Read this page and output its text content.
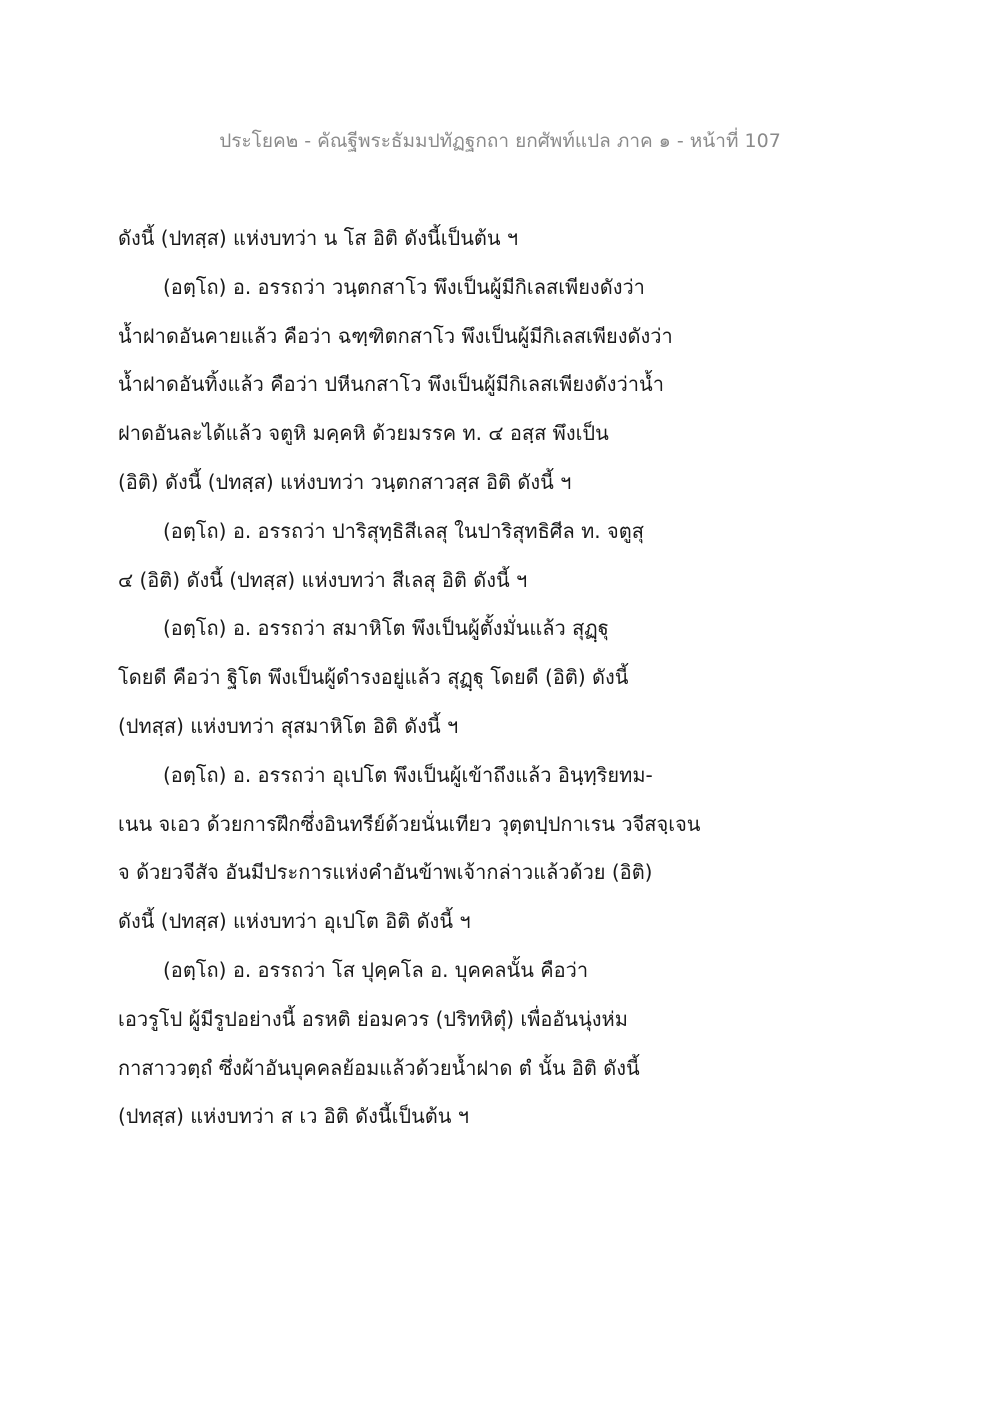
ประโยค๒ - คัณฐีพระธัมมปทัฏฐกถา ยกศัพท์แปล ภาค ๑ - หน้าที่ 107
ดังนี้ (ปทสฺส) แห่งบทว่า น โส อิติ ดังนี้เป็นต้น ฯ
(อตฺโถ) อ. อรรถว่า วนฺตกสาโว พึงเป็นผู้มีกิเลสเพียงดังว่า
น้ำฝาดอันคายแล้ว คือว่า ฉฑฺฑิตกสาโว พึงเป็นผู้มีกิเลสเพียงดังว่า
น้ำฝาดอันทิ้งแล้ว คือว่า ปหีนกสาโว พึงเป็นผู้มีกิเลสเพียงดังว่าน้ำ
ฝาดอันละได้แล้ว จตูหิ มคฺคหิ ด้วยมรรค ท. ๔ อสฺส พึงเป็น
(อิติ) ดังนี้ (ปทสฺส) แห่งบทว่า วนฺตกสาวสฺส อิติ ดังนี้ ฯ
(อตฺโถ) อ. อรรถว่า ปาริสุทฺธิสีเลสุ ในปาริสุทธิศีล ท. จตูสุ
๔ (อิติ) ดังนี้ (ปทสฺส) แห่งบทว่า สีเลสุ อิติ ดังนี้ ฯ
(อตฺโถ) อ. อรรถว่า สมาหิโต พึงเป็นผู้ตั้งมั่นแล้ว สุฏฺฐุ
โดยดี คือว่า ฐิโต พึงเป็นผู้ดำรงอยู่แล้ว สุฏฺฐุ โดยดี (อิติ) ดังนี้
(ปทสฺส) แห่งบทว่า สุสมาหิโต อิติ ดังนี้ ฯ
(อตฺโถ) อ. อรรถว่า อุเปโต พึงเป็นผู้เข้าถึงแล้ว อินฺทฺริยทม-
เนน จเอว ด้วยการฝึกซึ่งอินทรีย์ด้วยนั่นเทียว วุตฺตปฺปกาเรน วจีสจฺเจน
จ ด้วยวจีสัจ อันมีประการแห่งคำอันข้าพเจ้ากล่าวแล้วด้วย (อิติ)
ดังนี้ (ปทสฺส) แห่งบทว่า อุเปโต อิติ ดังนี้ ฯ
(อตฺโถ) อ. อรรถว่า โส ปุคฺคโล อ. บุคคลนั้น คือว่า
เอวรูโป ผู้มีรูปอย่างนี้ อรหติ ย่อมควร (ปริทหิตุํ) เพื่ออันนุ่งห่ม
กาสาววตฺถํ ซึ่งผ้าอันบุคคลย้อมแล้วด้วยน้ำฝาด ตํ นั้น อิติ ดังนี้
(ปทสฺส) แห่งบทว่า ส เว อิติ ดังนี้เป็นต้น ฯ
